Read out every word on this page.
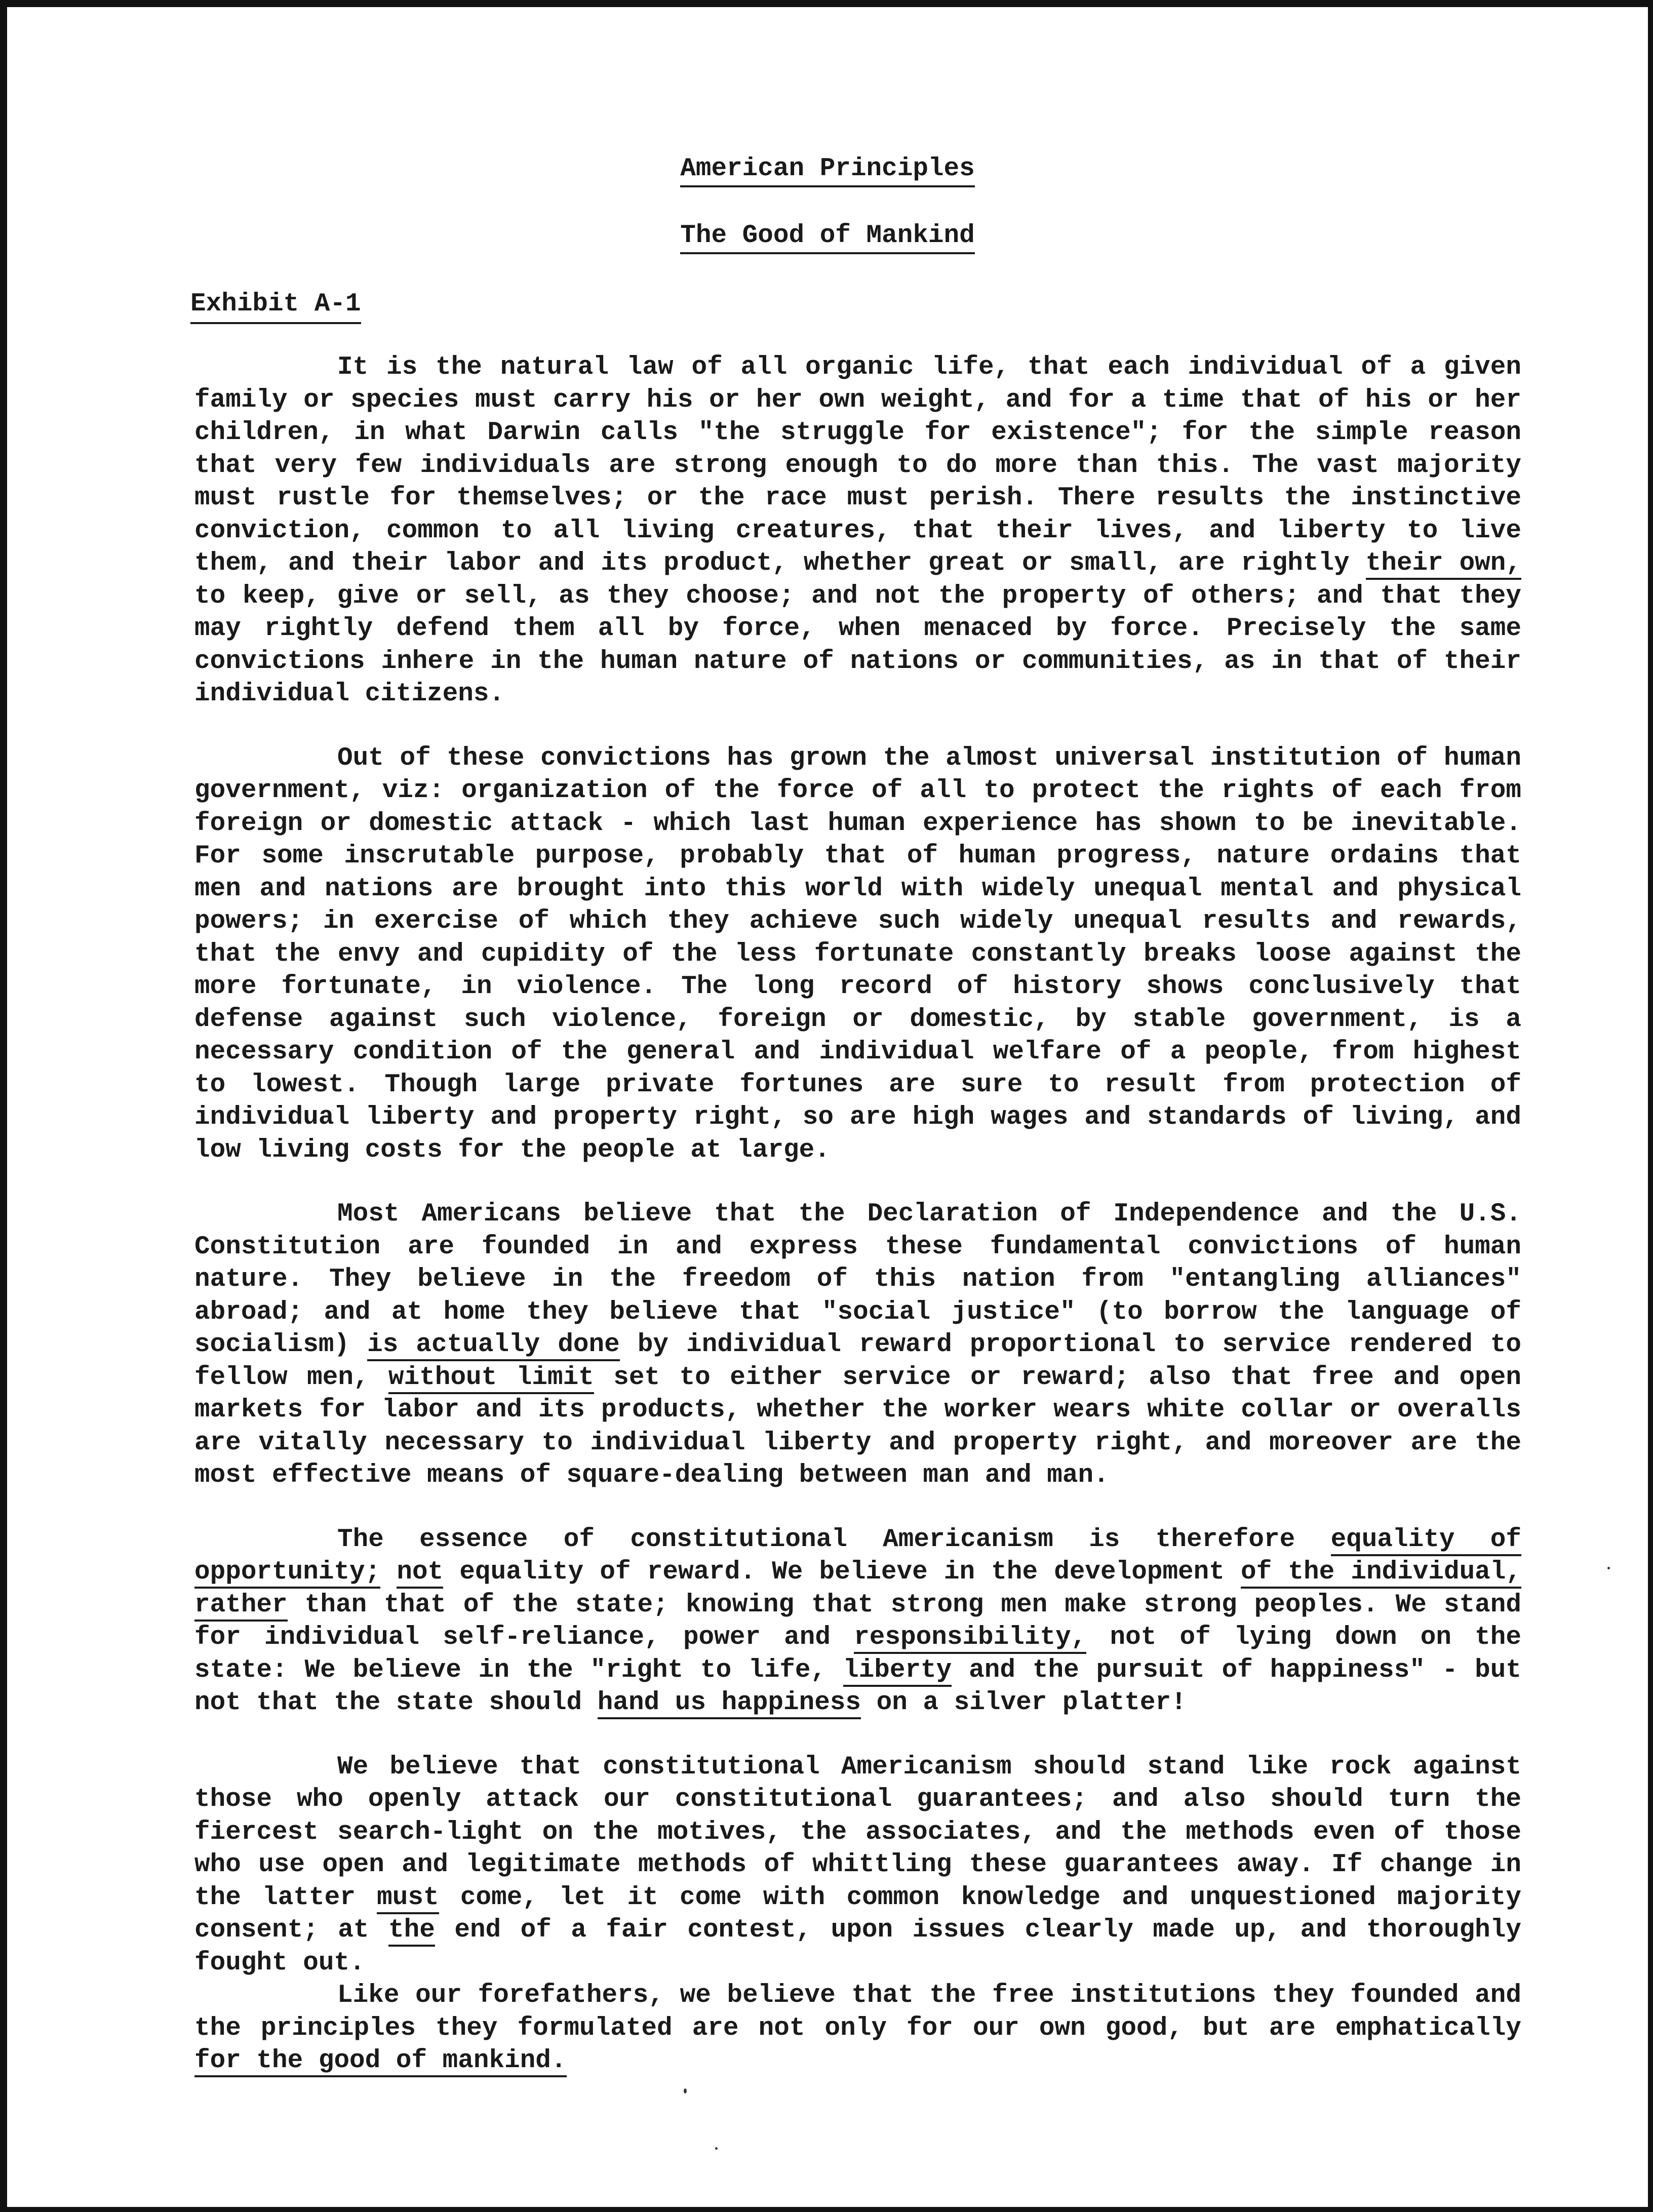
American Principles
The Good of Mankind
Exhibit A-1

It is the natural law of all organic life, that each individual of a given family or species must carry his or her own weight, and for a time that of his or her children, in what Darwin calls "the struggle for existence"; for the simple reason that very few individuals are strong enough to do more than this. The vast majority must rustle for themselves; or the race must perish. There results the instinctive conviction, common to all living creatures, that their lives, and liberty to live them, and their labor and its product, whether great or small, are rightly their own, to keep, give or sell, as they choose; and not the property of others; and that they may rightly defend them all by force, when menaced by force. Precisely the same convictions inhere in the human nature of nations or communities, as in that of their individual citizens.

Out of these convictions has grown the almost universal institution of human government, viz: organization of the force of all to protect the rights of each from foreign or domestic attack - which last human experience has shown to be inevitable. For some inscrutable purpose, probably that of human progress, nature ordains that men and nations are brought into this world with widely unequal mental and physical powers; in exercise of which they achieve such widely unequal results and rewards, that the envy and cupidity of the less fortunate constantly breaks loose against the more fortunate, in violence. The long record of history shows conclusively that defense against such violence, foreign or domestic, by stable government, is a necessary condition of the general and individual welfare of a people, from highest to lowest. Though large private fortunes are sure to result from protection of individual liberty and property right, so are high wages and standards of living, and low living costs for the people at large.

Most Americans believe that the Declaration of Independence and the U.S. Constitution are founded in and express these fundamental convictions of human nature. They believe in the freedom of this nation from "entangling alliances" abroad; and at home they believe that "social justice" (to borrow the language of socialism) is actually done by individual reward proportional to service rendered to fellow men, without limit set to either service or reward; also that free and open markets for labor and its products, whether the worker wears white collar or overalls are vitally necessary to individual liberty and property right, and moreover are the most effective means of square-dealing between man and man.

The essence of constitutional Americanism is therefore equality of opportunity; not equality of reward. We believe in the development of the individual, rather than that of the state; knowing that strong men make strong peoples. We stand for individual self-reliance, power and responsibility, not of lying down on the state: We believe in the "right to life, liberty and the pursuit of happiness" - but not that the state should hand us happiness on a silver platter!

We believe that constitutional Americanism should stand like rock against those who openly attack our constitutional guarantees; and also should turn the fiercest search-light on the motives, the associates, and the methods even of those who use open and legitimate methods of whittling these guarantees away. If change in the latter must come, let it come with common knowledge and unquestioned majority consent; at the end of a fair contest, upon issues clearly made up, and thoroughly fought out.

Like our forefathers, we believe that the free institutions they founded and the principles they formulated are not only for our own good, but are emphatically for the good of mankind.
